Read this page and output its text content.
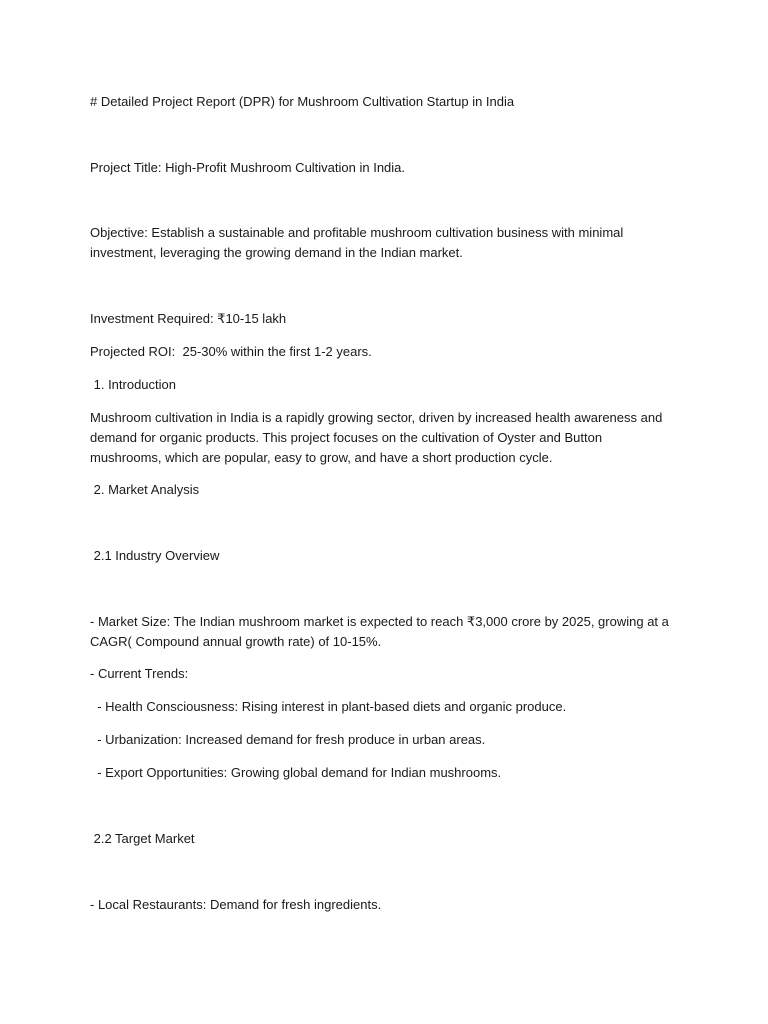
# Detailed Project Report (DPR) for Mushroom Cultivation Startup in India

Project Title: High-Profit Mushroom Cultivation in India.

Objective: Establish a sustainable and profitable mushroom cultivation business with minimal investment, leveraging the growing demand in the Indian market.

Investment Required: ₹10-15 lakh

Projected ROI:  25-30% within the first 1-2 years.

1. Introduction

Mushroom cultivation in India is a rapidly growing sector, driven by increased health awareness and demand for organic products. This project focuses on the cultivation of Oyster and Button mushrooms, which are popular, easy to grow, and have a short production cycle.

2. Market Analysis

2.1 Industry Overview

- Market Size: The Indian mushroom market is expected to reach ₹3,000 crore by 2025, growing at a CAGR( Compound annual growth rate) of 10-15%.

- Current Trends:

- Health Consciousness: Rising interest in plant-based diets and organic produce.

- Urbanization: Increased demand for fresh produce in urban areas.

- Export Opportunities: Growing global demand for Indian mushrooms.

2.2 Target Market

- Local Restaurants: Demand for fresh ingredients.
